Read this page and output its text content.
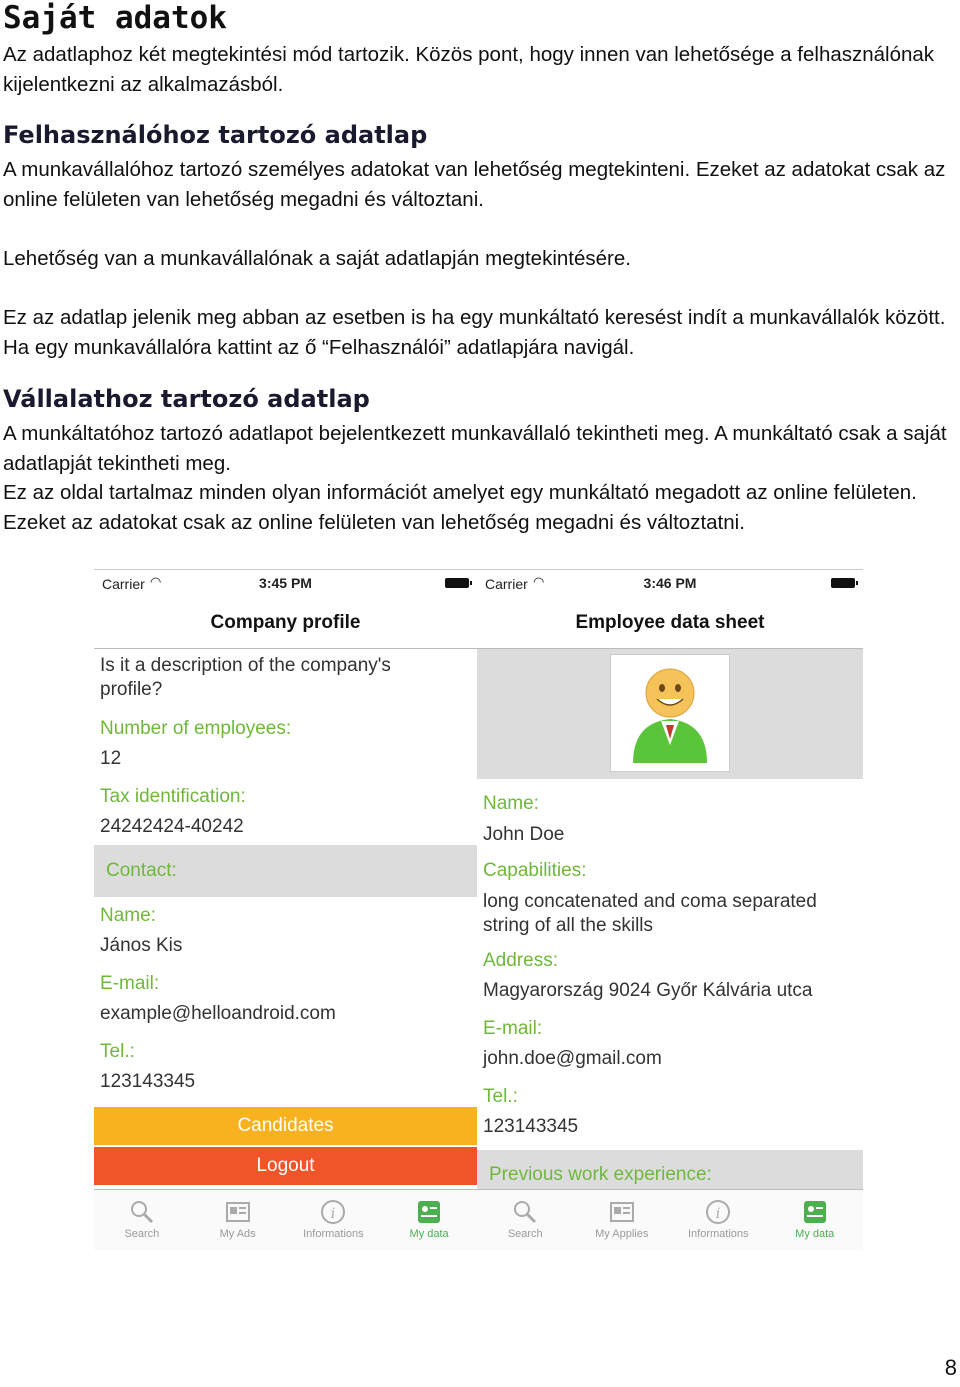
Saját adatok

Az adatlaphoz két megtekintési mód tartozik. Közös pont, hogy innen van lehetősége a felhasználónak kijelentkezni az alkalmazásból.

Felhasználóhoz tartozó adatlap

A munkavállalóhoz tartozó személyes adatokat van lehetőség megtekinteni. Ezeket az adatokat csak az online felületen van lehetőség megadni és változtani.

Lehetőség van a munkavállalónak a saját adatlapján megtekintésére.

Ez az adatlap jelenik meg abban az esetben is ha egy munkáltató keresést indít a munkavállalók között. Ha egy munkavállalóra kattint az ő “Felhasználói” adatlapjára navigál.

Vállalathoz tartozó adatlap

A munkáltatóhoz tartozó adatlapot bejelentkezett munkavállaló tekintheti meg. A munkáltató csak a saját adatlapját tekintheti meg.

Ez az oldal tartalmaz minden olyan információt amelyet egy munkáltató megadott az online felületen. Ezeket az adatokat csak az online felületen van lehetőség megadni és változtatni.

Carrier ◠	3:45 PM
Company profile
Is it a description of the company's profile?
Number of employees:
12
Tax identification:
24242424-40242
Contact:
Name:
János Kis
E-mail:
example@helloandroid.com
Tel.:
123143345
Candidates
Logout
Search	My Ads
i
Informations	My data
Carrier ◠	3:46 PM
Employee data sheet
Name:
John Doe
Capabilities:
long concatenated and coma separated string of all the skills
Address:
Magyarország 9024 Győr Kálvária utca
E-mail:
john.doe@gmail.com
Tel.:
123143345
Previous work experience:
Search	My Applies
i
Informations	My data
8
